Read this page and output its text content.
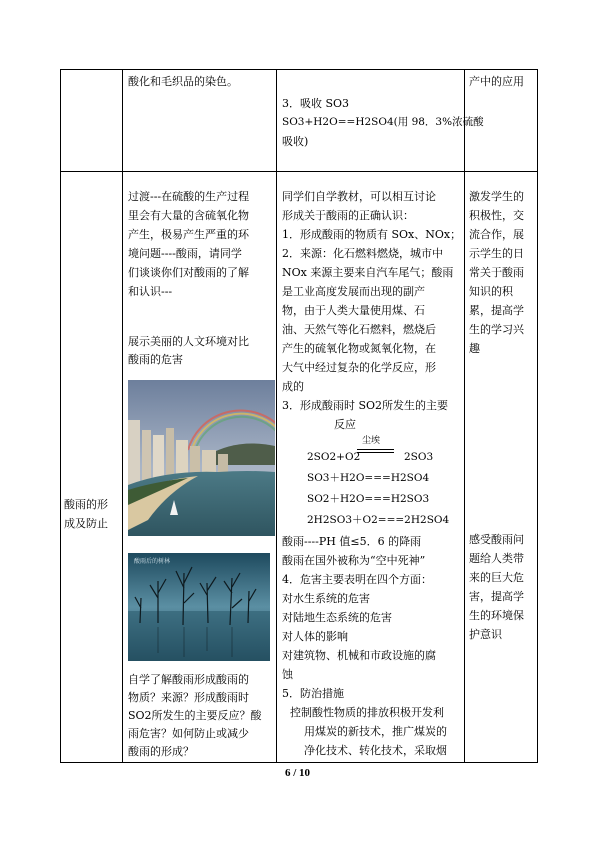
酸化和毛织品的染色。
3．吸收 SO3
SO3+H2O==H2SO4(用 98．3%浓硫酸
吸收)
产中的应用
酸雨的形
成及防止
过渡---在硫酸的生产过程
里会有大量的含硫氧化物
产生，极易产生严重的环
境问题----酸雨，请同学
们谈谈你们对酸雨的了解
和认识---
展示美丽的人文环境对比
酸雨的危害
酸雨后的树林
自学了解酸雨形成酸雨的
物质？来源？形成酸雨时
SO2所发生的主要反应？酸
雨危害？如何防止或减少
酸雨的形成？
同学们自学教材，可以相互讨论
形成关于酸雨的正确认识：
1．形成酸雨的物质有 SOx、NOx；
2．来源：化石燃料燃烧，城市中
NOx 来源主要来自汽车尾气；酸雨
是工业高度发展而出现的副产
物，由于人类大量使用煤、石
油、天然气等化石燃料，燃烧后
产生的硫氧化物或氮氧化物，在
大气中经过复杂的化学反应，形
成的
3．形成酸雨时 SO2所发生的主要
反应
尘埃
2SO2+O2	2SO3
SO3＋H2O===H2SO4
SO2＋H2O===H2SO3
2H2SO3＋O2===2H2SO4
酸雨----PH 值≤5．6 的降雨
酸雨在国外被称为“空中死神”
4．危害主要表明在四个方面：
对水生系统的危害
对陆地生态系统的危害
对人体的影响
对建筑物、机械和市政设施的腐
蚀
5．防治措施
控制酸性物质的排放积极开发利
用煤炭的新技术，推广煤炭的
净化技术、转化技术，采取烟
激发学生的
积极性，交
流合作，展
示学生的日
常关于酸雨
知识的积
累，提高学
生的学习兴
趣
感受酸雨问
题给人类带
来的巨大危
害，提高学
生的环境保
护意识
6 / 10
